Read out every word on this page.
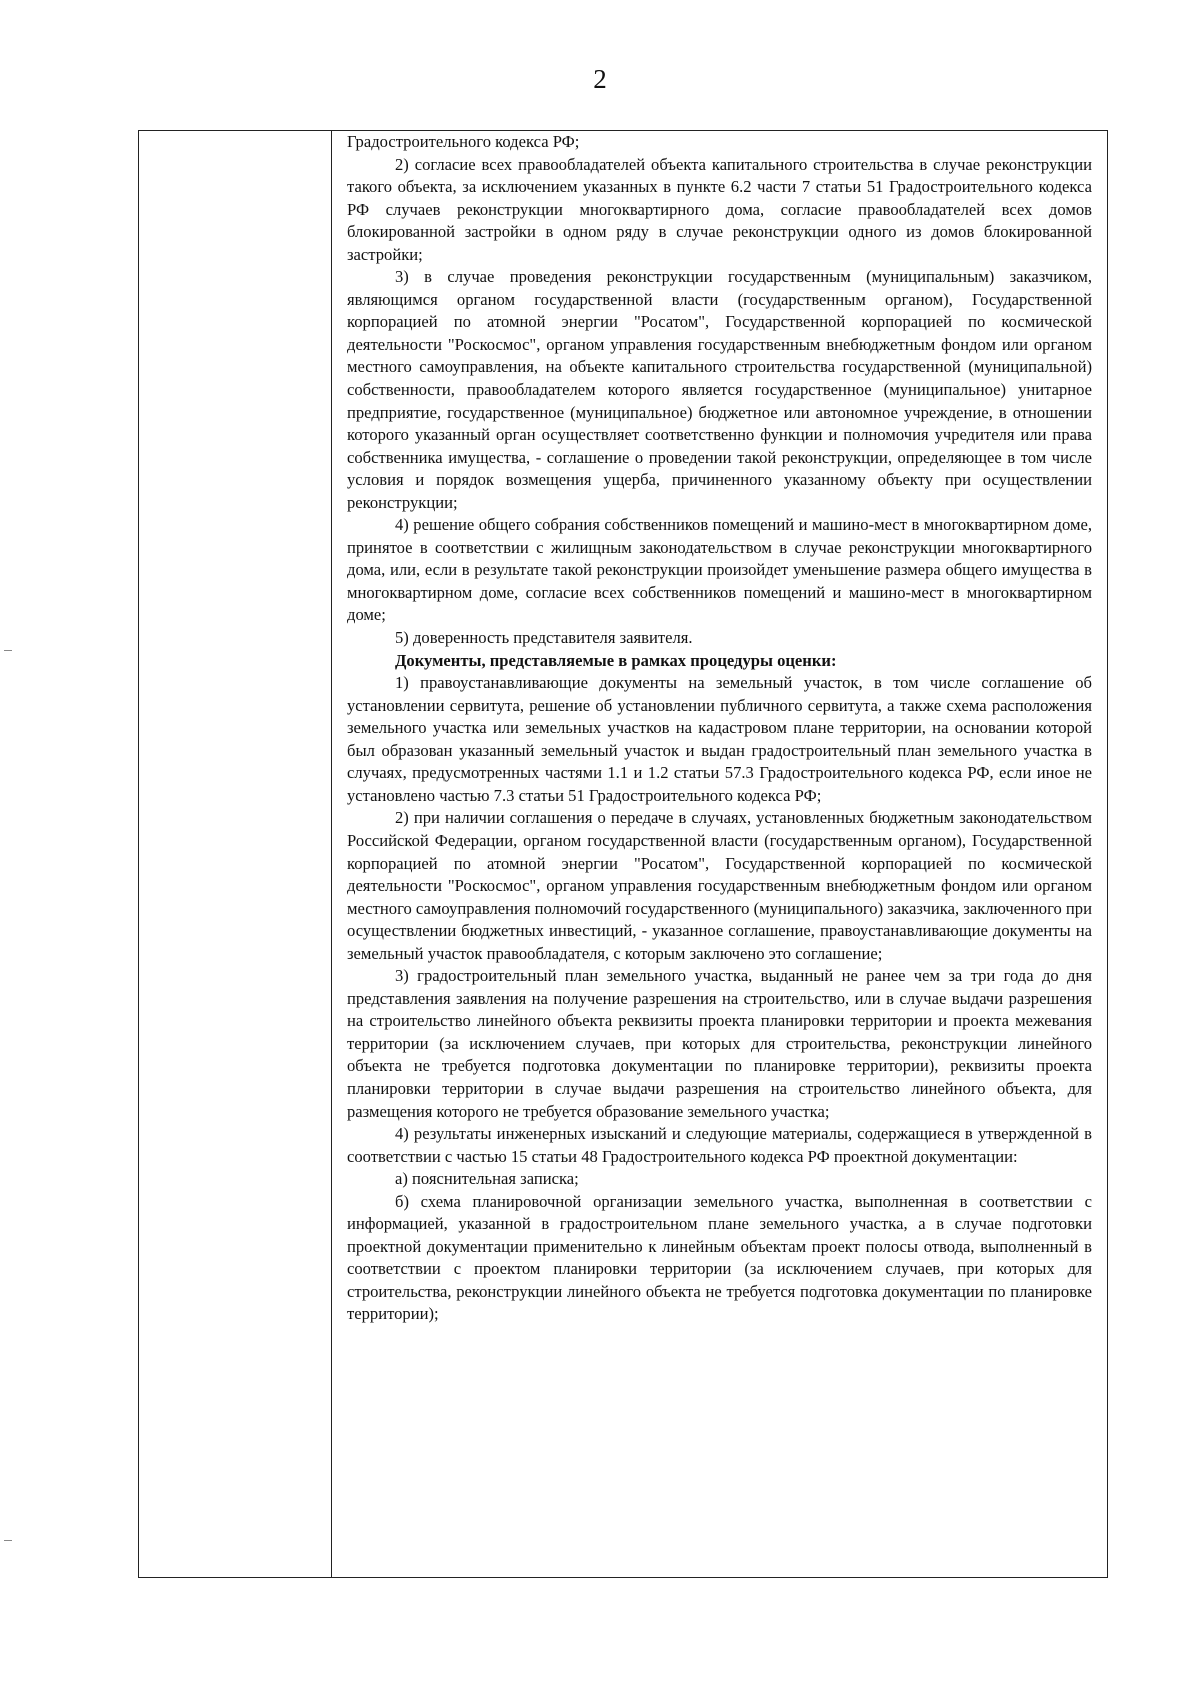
2

Градостроительного кодекса РФ;

2) согласие всех правообладателей объекта капитального строительства в случае реконструкции такого объекта, за исключением указанных в пункте 6.2 части 7 статьи 51 Градостроительного кодекса РФ случаев реконструкции многоквартирного дома, согласие правообладателей всех домов блокированной застройки в одном ряду в случае реконструкции одного из домов блокированной застройки;

3) в случае проведения реконструкции государственным (муниципальным) заказчиком, являющимся органом государственной власти (государственным органом), Государственной корпорацией по атомной энергии "Росатом", Государственной корпорацией по космической деятельности "Роскосмос", органом управления государственным внебюджетным фондом или органом местного самоуправления, на объекте капитального строительства государственной (муниципальной) собственности, правообладателем которого является государственное (муниципальное) унитарное предприятие, государственное (муниципальное) бюджетное или автономное учреждение, в отношении которого указанный орган осуществляет соответственно функции и полномочия учредителя или права собственника имущества, - соглашение о проведении такой реконструкции, определяющее в том числе условия и порядок возмещения ущерба, причиненного указанному объекту при осуществлении реконструкции;

4) решение общего собрания собственников помещений и машино-мест в многоквартирном доме, принятое в соответствии с жилищным законодательством в случае реконструкции многоквартирного дома, или, если в результате такой реконструкции произойдет уменьшение размера общего имущества в многоквартирном доме, согласие всех собственников помещений и машино-мест в многоквартирном доме;

5) доверенность представителя заявителя.

Документы, представляемые в рамках процедуры оценки:

1) правоустанавливающие документы на земельный участок, в том числе соглашение об установлении сервитута, решение об установлении публичного сервитута, а также схема расположения земельного участка или земельных участков на кадастровом плане территории, на основании которой был образован указанный земельный участок и выдан градостроительный план земельного участка в случаях, предусмотренных частями 1.1 и 1.2 статьи 57.3 Градостроительного кодекса РФ, если иное не установлено частью 7.3 статьи 51 Градостроительного кодекса РФ;

2) при наличии соглашения о передаче в случаях, установленных бюджетным законодательством Российской Федерации, органом государственной власти (государственным органом), Государственной корпорацией по атомной энергии "Росатом", Государственной корпорацией по космической деятельности "Роскосмос", органом управления государственным внебюджетным фондом или органом местного самоуправления полномочий государственного (муниципального) заказчика, заключенного при осуществлении бюджетных инвестиций, - указанное соглашение, правоустанавливающие документы на земельный участок правообладателя, с которым заключено это соглашение;

3) градостроительный план земельного участка, выданный не ранее чем за три года до дня представления заявления на получение разрешения на строительство, или в случае выдачи разрешения на строительство линейного объекта реквизиты проекта планировки территории и проекта межевания территории (за исключением случаев, при которых для строительства, реконструкции линейного объекта не требуется подготовка документации по планировке территории), реквизиты проекта планировки территории в случае выдачи разрешения на строительство линейного объекта, для размещения которого не требуется образование земельного участка;

4) результаты инженерных изысканий и следующие материалы, содержащиеся в утвержденной в соответствии с частью 15 статьи 48 Градостроительного кодекса РФ проектной документации:

а) пояснительная записка;

б) схема планировочной организации земельного участка, выполненная в соответствии с информацией, указанной в градостроительном плане земельного участка, а в случае подготовки проектной документации применительно к линейным объектам проект полосы отвода, выполненный в соответствии с проектом планировки территории (за исключением случаев, при которых для строительства, реконструкции линейного объекта не требуется подготовка документации по планировке территории);
